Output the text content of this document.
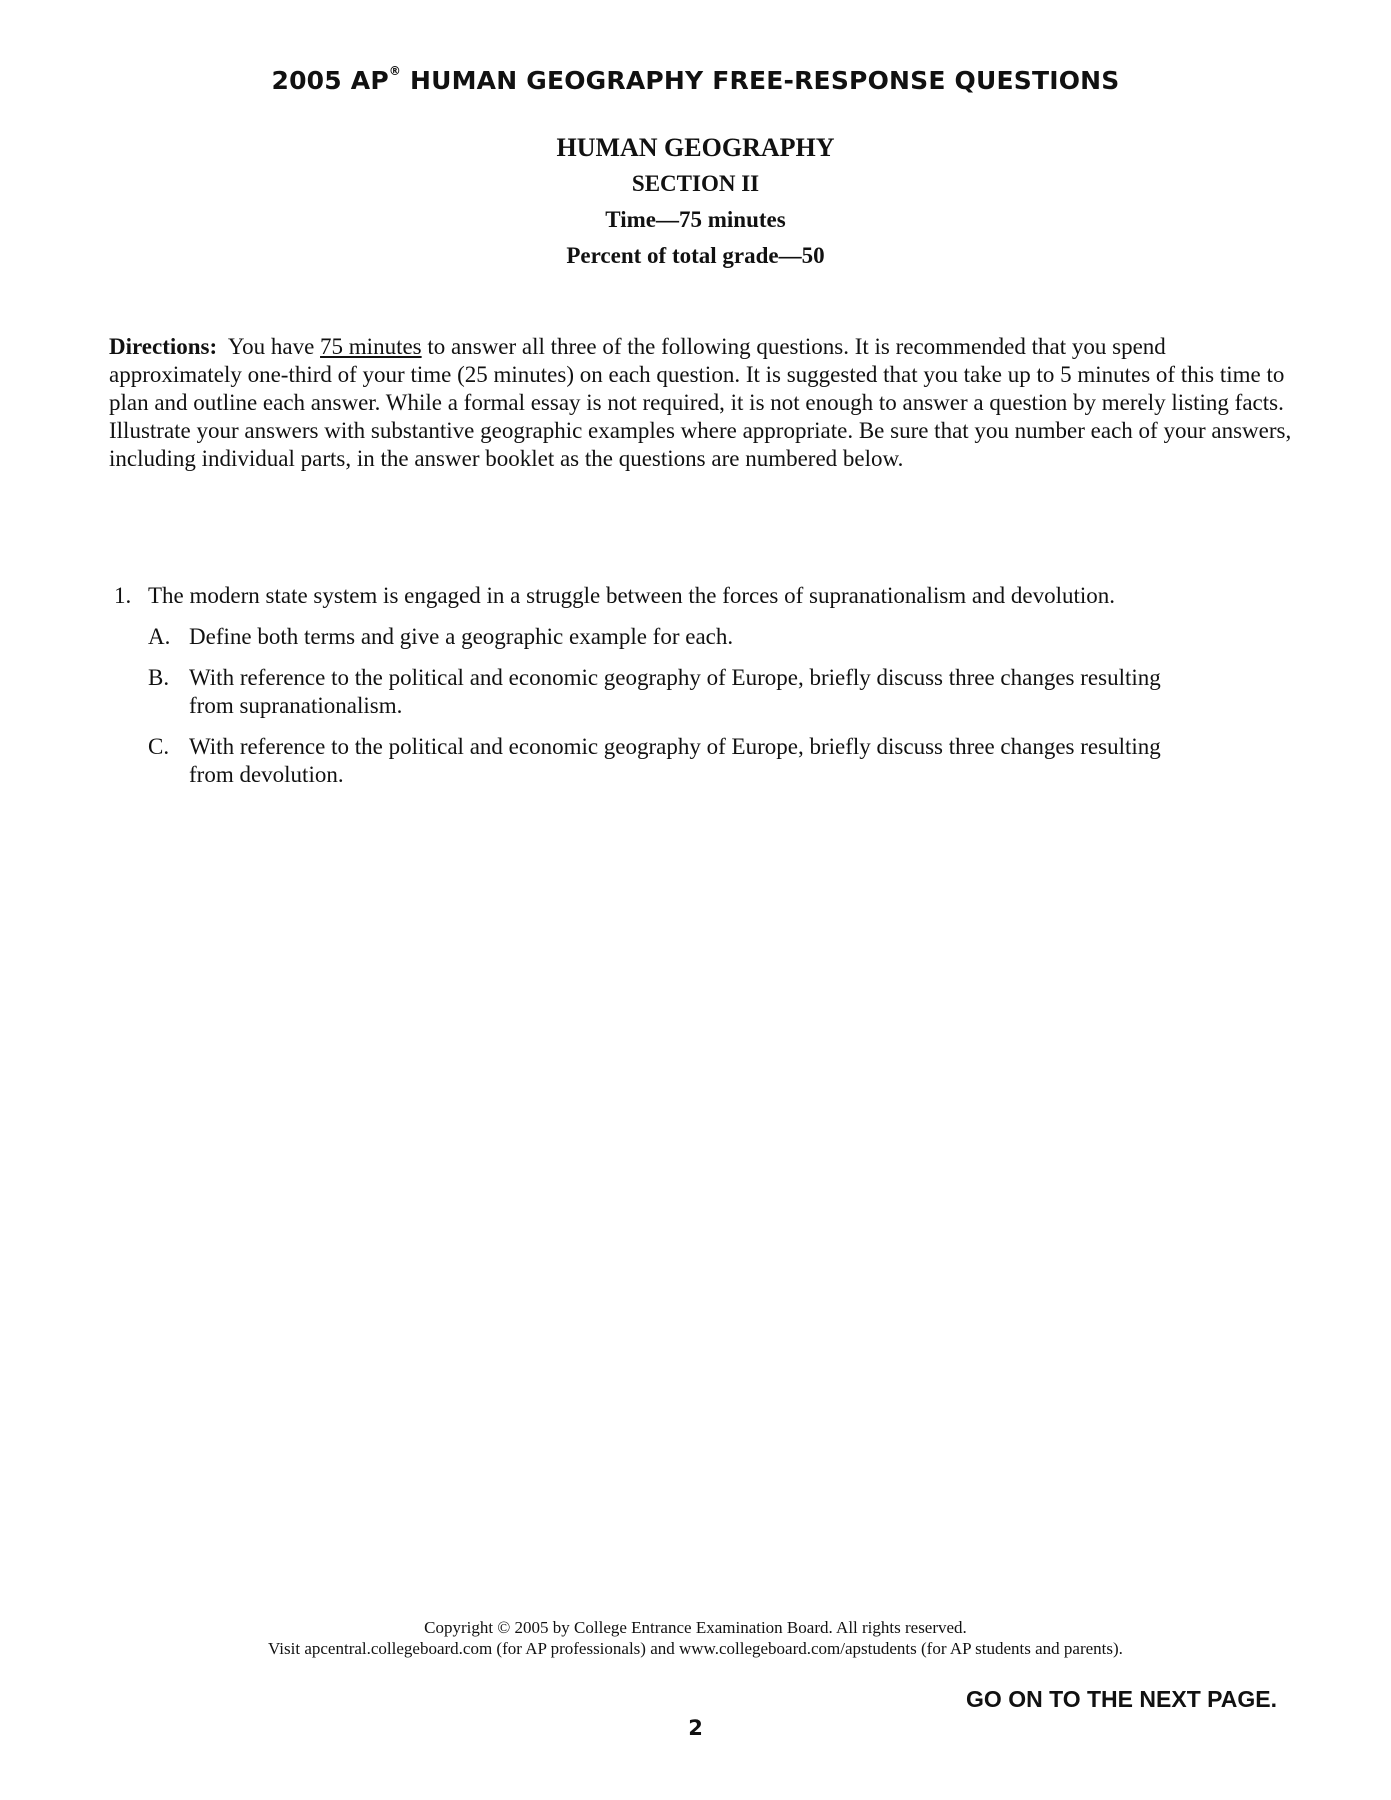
2005 AP® HUMAN GEOGRAPHY FREE-RESPONSE QUESTIONS
HUMAN GEOGRAPHY
SECTION II
Time—75 minutes
Percent of total grade—50
Directions:  You have 75 minutes to answer all three of the following questions. It is recommended that you spend approximately one-third of your time (25 minutes) on each question. It is suggested that you take up to 5 minutes of this time to plan and outline each answer. While a formal essay is not required, it is not enough to answer a question by merely listing facts. Illustrate your answers with substantive geographic examples where appropriate. Be sure that you number each of your answers, including individual parts, in the answer booklet as the questions are numbered below.
1. The modern state system is engaged in a struggle between the forces of supranationalism and devolution.
A. Define both terms and give a geographic example for each.
B. With reference to the political and economic geography of Europe, briefly discuss three changes resulting from supranationalism.
C. With reference to the political and economic geography of Europe, briefly discuss three changes resulting from devolution.
Copyright © 2005 by College Entrance Examination Board. All rights reserved.
Visit apcentral.collegeboard.com (for AP professionals) and www.collegeboard.com/apstudents (for AP students and parents).
GO ON TO THE NEXT PAGE.
2
